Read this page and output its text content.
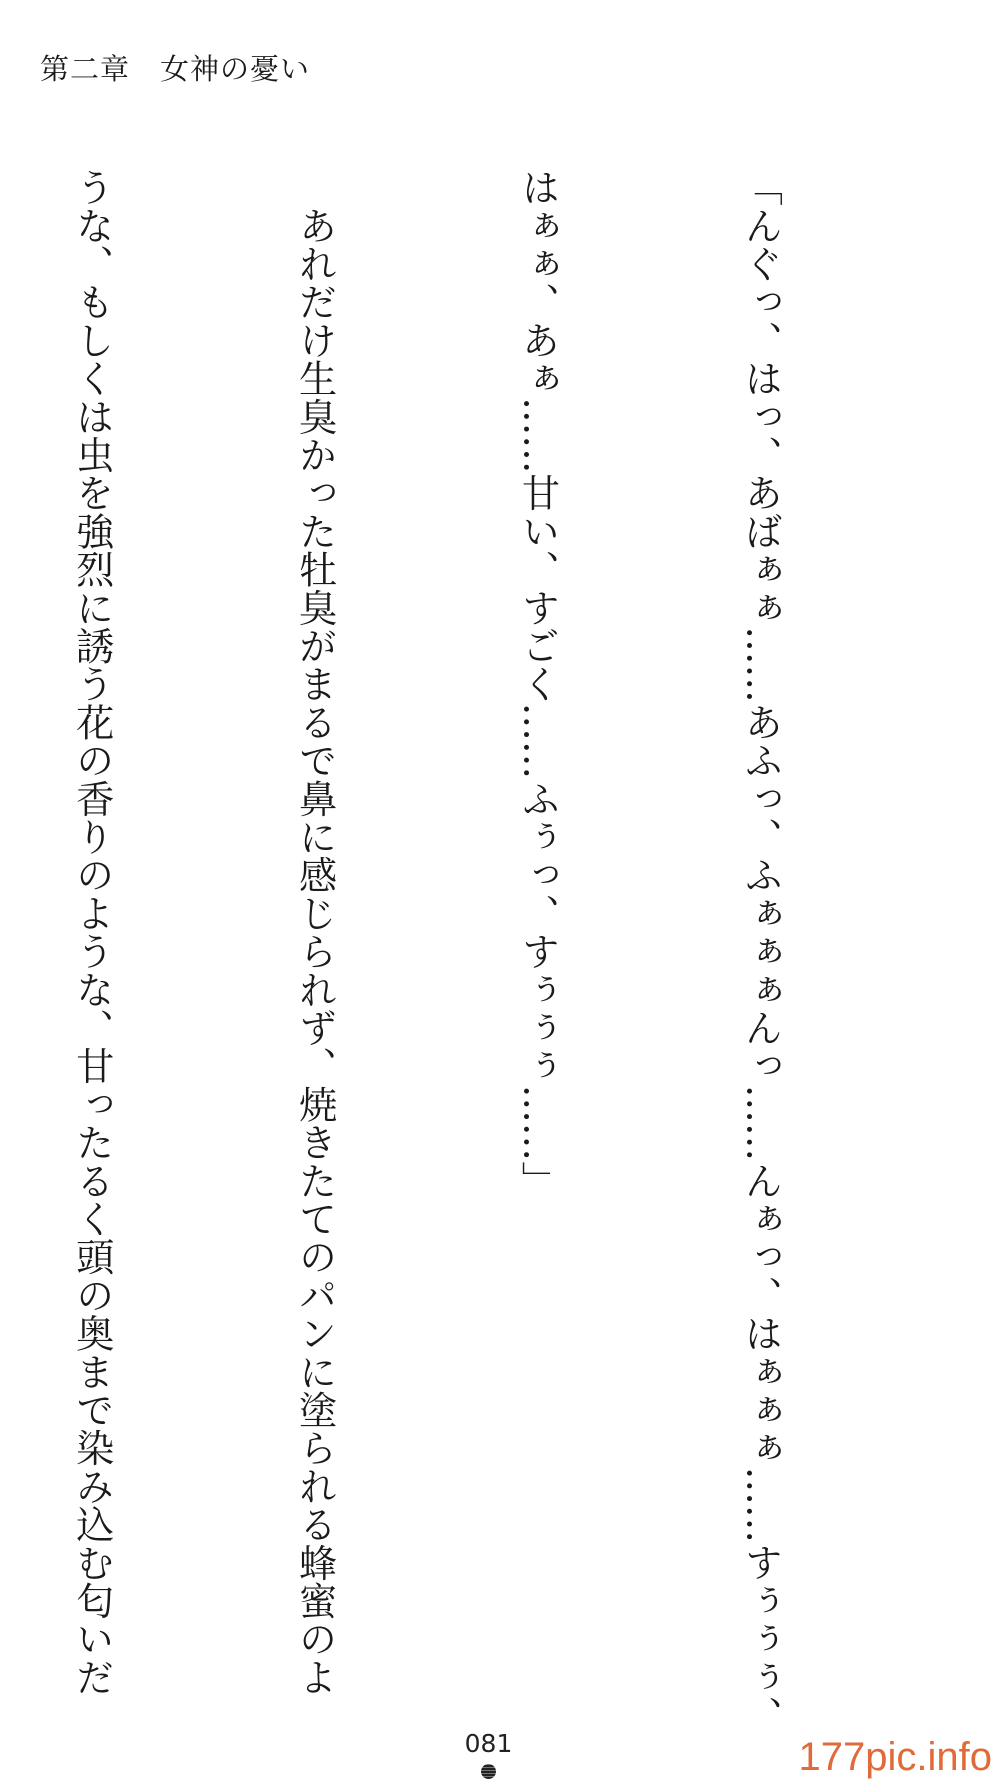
第二章　女神の憂い

「んぐっ、はっ、あばぁぁ……あふっ、ふぁぁぁんっ……んぁっ、はぁぁぁ……すぅぅぅ、

はぁぁ、あぁ……甘い、すごく……ふぅっ、すぅぅぅ……」

　あれだけ生臭かった牡臭がまるで鼻に感じられず、焼きたてのパンに塗られる蜂蜜のよ

うな、もしくは虫を強烈に誘う花の香りのような、甘ったるく頭の奥まで染み込む匂いだ

081	177pic.info
